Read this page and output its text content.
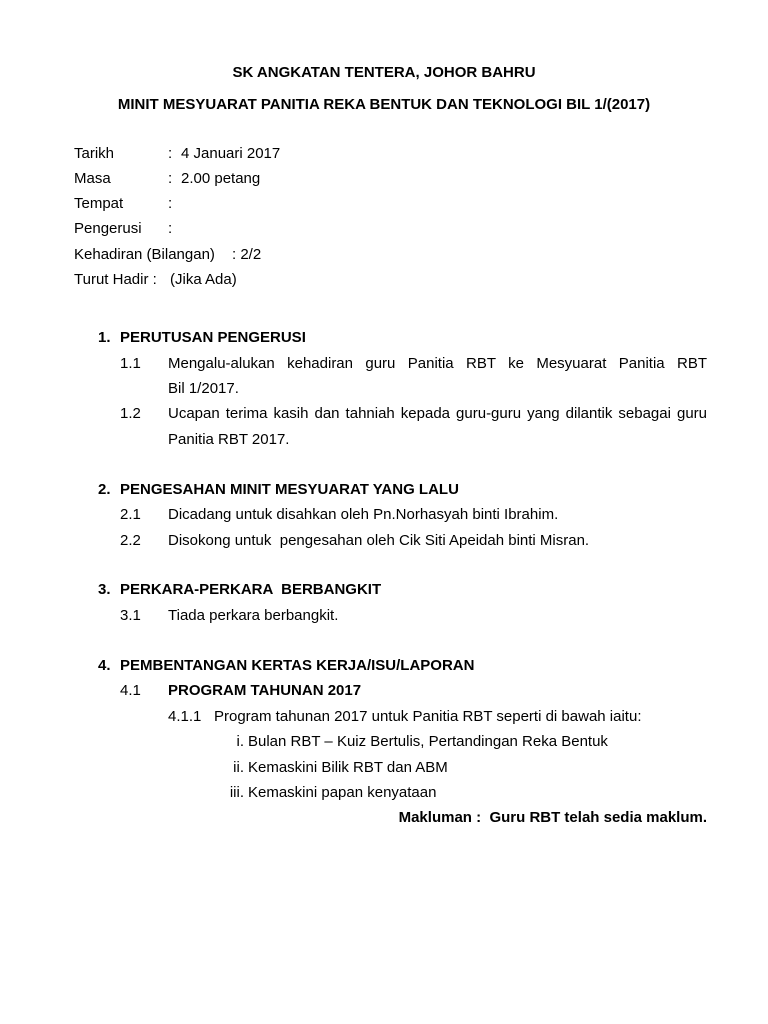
SK ANGKATAN TENTERA, JOHOR BAHRU
MINIT MESYUARAT PANITIA REKA BENTUK DAN TEKNOLOGI BIL 1/(2017)
Tarikh	: 4 Januari 2017
Masa	: 2.00 petang
Tempat	:
Pengerusi :
Kehadiran (Bilangan) : 2/2
Turut Hadir : (Jika Ada)
1. PERUTUSAN PENGERUSI
1.1 Mengalu-alukan kehadiran guru Panitia RBT ke Mesyuarat Panitia RBT
Bil 1/2017.
1.2 Ucapan terima kasih dan tahniah kepada guru-guru yang dilantik sebagai guru
Panitia RBT 2017.
2. PENGESAHAN MINIT MESYUARAT YANG LALU
2.1 Dicadang untuk disahkan oleh Pn.Norhasyah binti Ibrahim.
2.2 Disokong untuk  pengesahan oleh Cik Siti Apeidah binti Misran.
3. PERKARA-PERKARA  BERBANGKIT
3.1 Tiada perkara berbangkit.
4. PEMBENTANGAN KERTAS KERJA/ISU/LAPORAN
4.1 PROGRAM TAHUNAN 2017
4.1.1 Program tahunan 2017 untuk Panitia RBT seperti di bawah iaitu:
i. Bulan RBT – Kuiz Bertulis, Pertandingan Reka Bentuk
ii. Kemaskini Bilik RBT dan ABM
iii. Kemaskini papan kenyataan
Makluman :  Guru RBT telah sedia maklum.
